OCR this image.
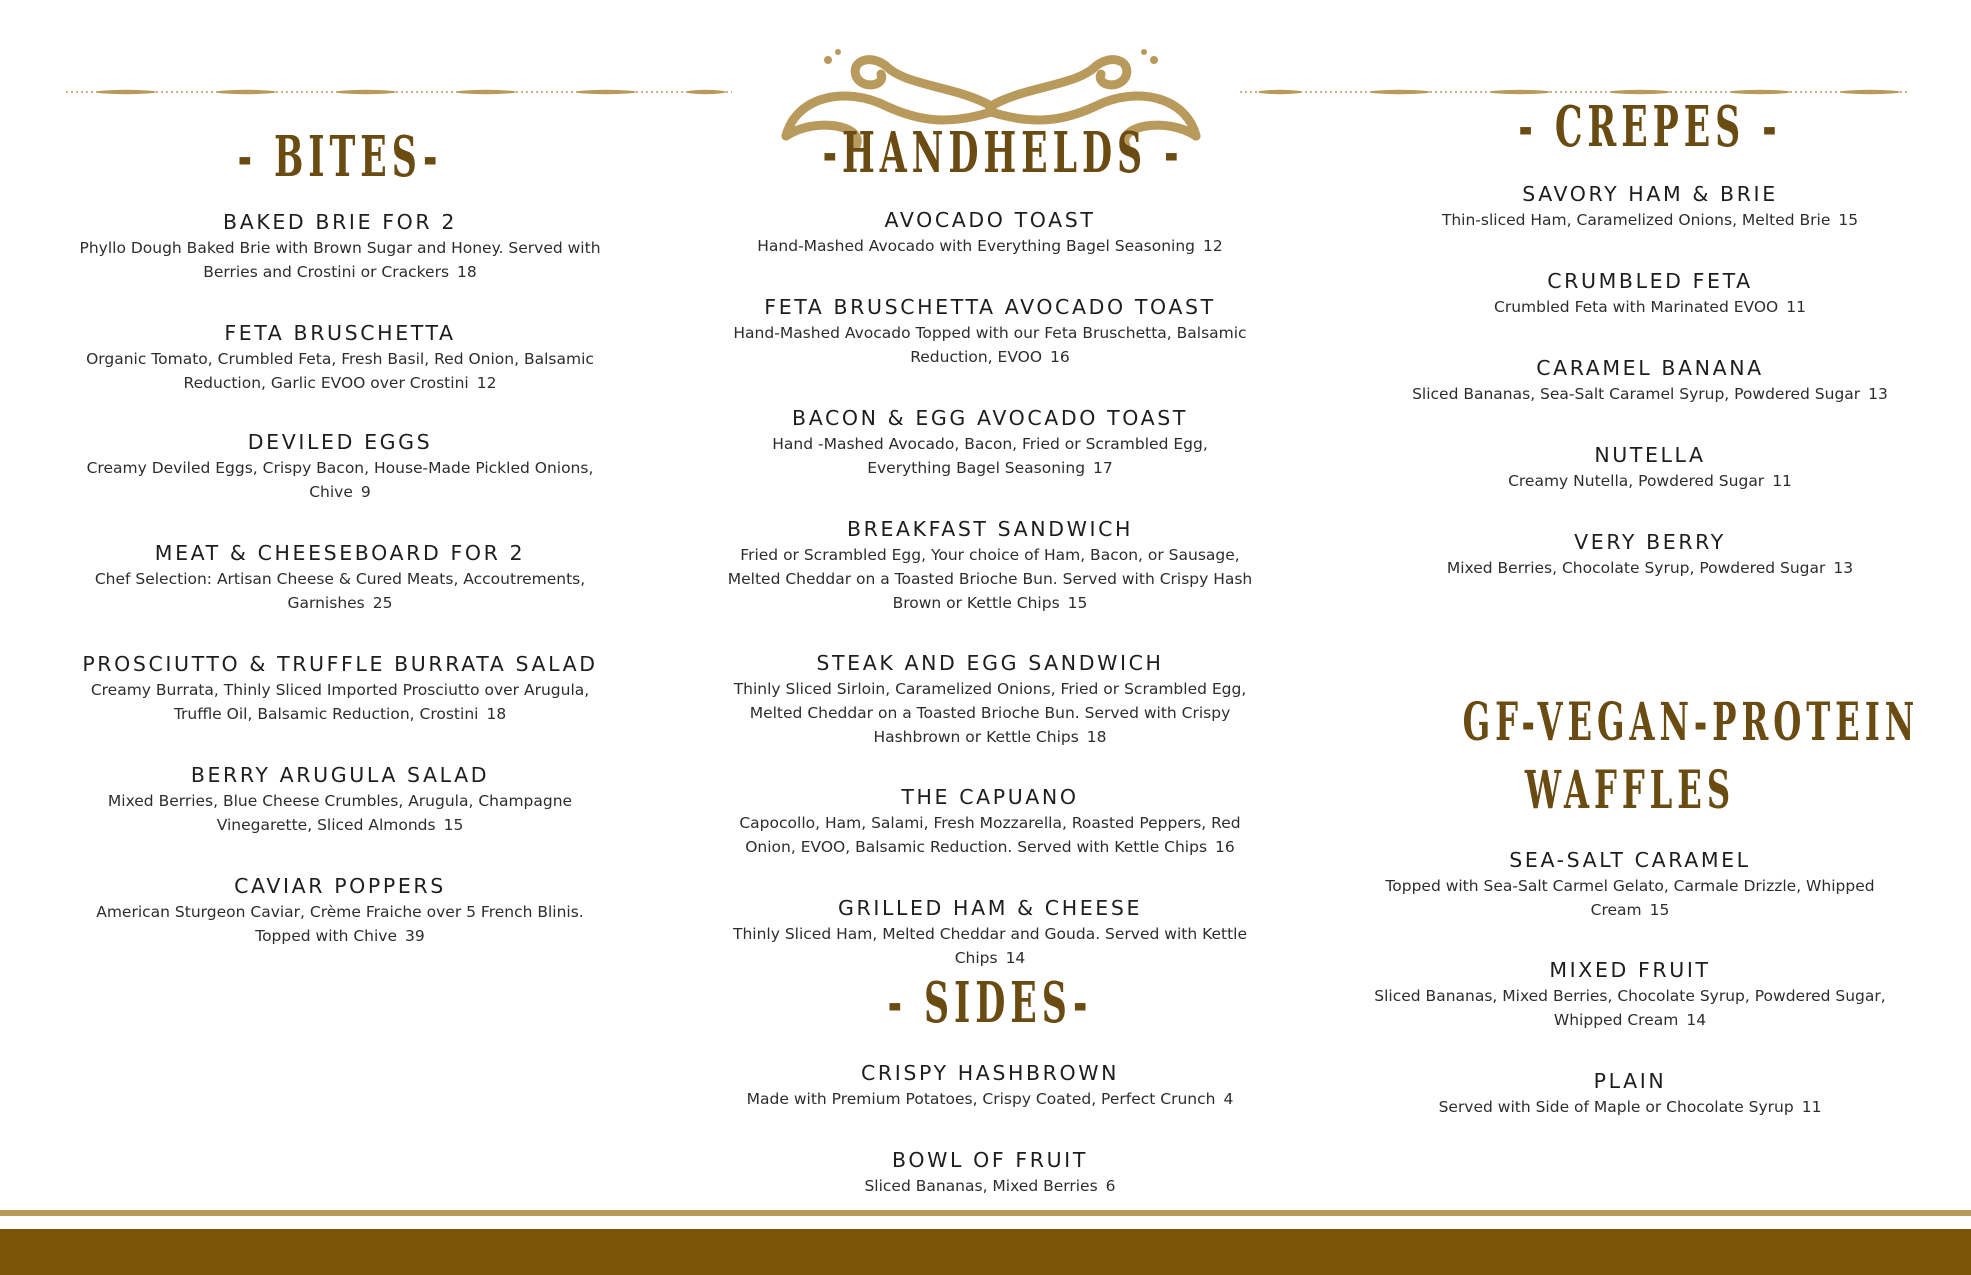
- BITES-
BAKED BRIE FOR 2
Phyllo Dough Baked Brie with Brown Sugar and Honey. Served with
Berries and Crostini or Crackers 18
FETA BRUSCHETTA
Organic Tomato, Crumbled Feta, Fresh Basil, Red Onion, Balsamic
Reduction, Garlic EVOO over Crostini 12
DEVILED EGGS
Creamy Deviled Eggs, Crispy Bacon, House-Made Pickled Onions,
Chive 9
MEAT & CHEESEBOARD FOR 2
Chef Selection: Artisan Cheese & Cured Meats, Accoutrements,
Garnishes 25
PROSCIUTTO & TRUFFLE BURRATA SALAD
Creamy Burrata, Thinly Sliced Imported Prosciutto over Arugula,
Truffle Oil, Balsamic Reduction, Crostini 18
BERRY ARUGULA SALAD
Mixed Berries, Blue Cheese Crumbles, Arugula, Champagne
Vinegarette, Sliced Almonds 15
CAVIAR POPPERS
American Sturgeon Caviar, Crème Fraiche over 5 French Blinis.
Topped with Chive 39
-HANDHELDS -
AVOCADO TOAST
Hand-Mashed Avocado with Everything Bagel Seasoning 12
FETA BRUSCHETTA AVOCADO TOAST
Hand-Mashed Avocado Topped with our Feta Bruschetta, Balsamic
Reduction, EVOO 16
BACON & EGG AVOCADO TOAST
Hand -Mashed Avocado, Bacon, Fried or Scrambled Egg,
Everything Bagel Seasoning 17
BREAKFAST SANDWICH
Fried or Scrambled Egg, Your choice of Ham, Bacon, or Sausage,
Melted Cheddar on a Toasted Brioche Bun. Served with Crispy Hash
Brown or Kettle Chips 15
STEAK AND EGG SANDWICH
Thinly Sliced Sirloin, Caramelized Onions, Fried or Scrambled Egg,
Melted Cheddar on a Toasted Brioche Bun. Served with Crispy
Hashbrown or Kettle Chips 18
THE CAPUANO
Capocollo, Ham, Salami, Fresh Mozzarella, Roasted Peppers, Red
Onion, EVOO, Balsamic Reduction. Served with Kettle Chips 16
GRILLED HAM & CHEESE
Thinly Sliced Ham, Melted Cheddar and Gouda. Served with Kettle
Chips 14
- SIDES-
CRISPY HASHBROWN
Made with Premium Potatoes, Crispy Coated, Perfect Crunch 4
BOWL OF FRUIT
Sliced Bananas, Mixed Berries 6
- CREPES -
SAVORY HAM & BRIE
Thin-sliced Ham, Caramelized Onions, Melted Brie 15
CRUMBLED FETA
Crumbled Feta with Marinated EVOO 11
CARAMEL BANANA
Sliced Bananas, Sea-Salt Caramel Syrup, Powdered Sugar 13
NUTELLA
Creamy Nutella, Powdered Sugar 11
VERY BERRY
Mixed Berries, Chocolate Syrup, Powdered Sugar 13
GF-VEGAN-PROTEIN
WAFFLES
SEA-SALT CARAMEL
Topped with Sea-Salt Carmel Gelato, Carmale Drizzle, Whipped
Cream 15
MIXED FRUIT
Sliced Bananas, Mixed Berries, Chocolate Syrup, Powdered Sugar,
Whipped Cream 14
PLAIN
Served with Side of Maple or Chocolate Syrup 11
